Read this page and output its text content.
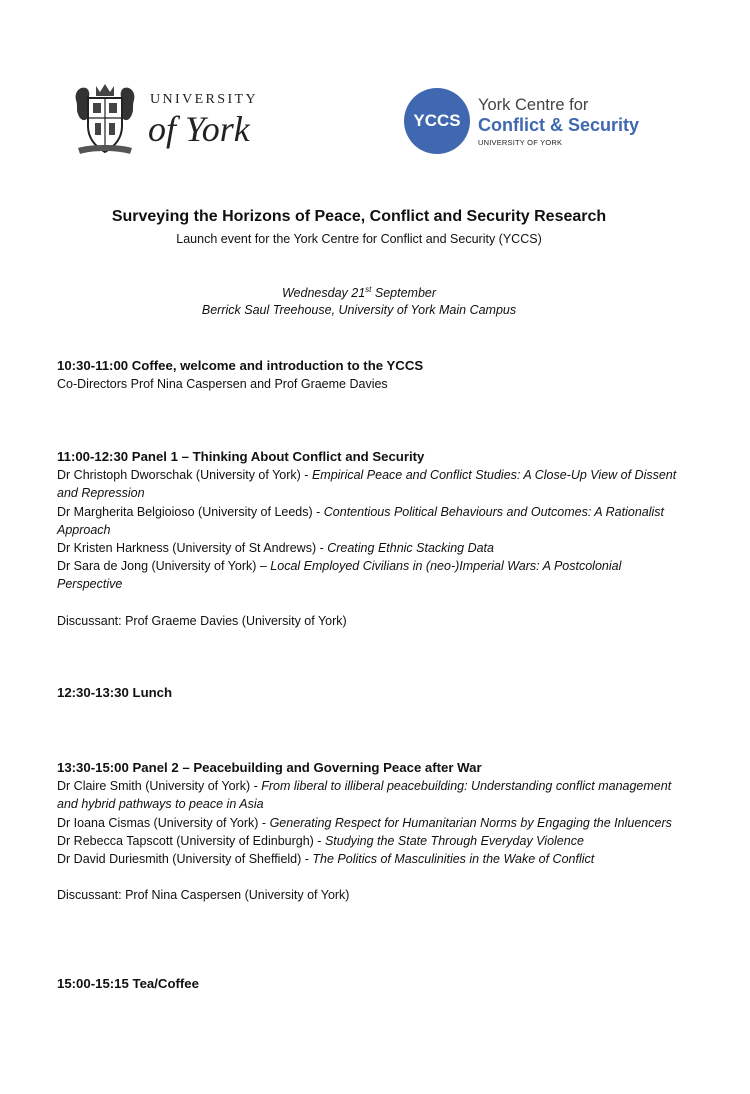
UNIVERSITY
of York	YCCS
York Centre for
Conflict & Security
UNIVERSITY OF YORK
Surveying the Horizons of Peace, Conflict and Security Research
Launch event for the York Centre for Conflict and Security (YCCS)
Wednesday 21st September
Berrick Saul Treehouse, University of York Main Campus
10:30-11:00 Coffee, welcome and introduction to the YCCS
Co-Directors Prof Nina Caspersen and Prof Graeme Davies
11:00-12:30 Panel 1 – Thinking About Conflict and Security
Dr Christoph Dworschak (University of York) - Empirical Peace and Conflict Studies: A Close-Up View of Dissent and Repression
Dr Margherita Belgioioso (University of Leeds) - Contentious Political Behaviours and Outcomes: A Rationalist Approach
Dr Kristen Harkness (University of St Andrews) - Creating Ethnic Stacking Data
Dr Sara de Jong (University of York) – Local Employed Civilians in (neo-)Imperial Wars: A Postcolonial Perspective
Discussant: Prof Graeme Davies (University of York)
12:30-13:30 Lunch
13:30-15:00 Panel 2 – Peacebuilding and Governing Peace after War
Dr Claire Smith (University of York) - From liberal to illiberal peacebuilding: Understanding conflict management and hybrid pathways to peace in Asia
Dr Ioana Cismas (University of York) - Generating Respect for Humanitarian Norms by Engaging the Inluencers
Dr Rebecca Tapscott (University of Edinburgh) - Studying the State Through Everyday Violence
Dr David Duriesmith (University of Sheffield) - The Politics of Masculinities in the Wake of Conflict
Discussant: Prof Nina Caspersen (University of York)
15:00-15:15 Tea/Coffee
